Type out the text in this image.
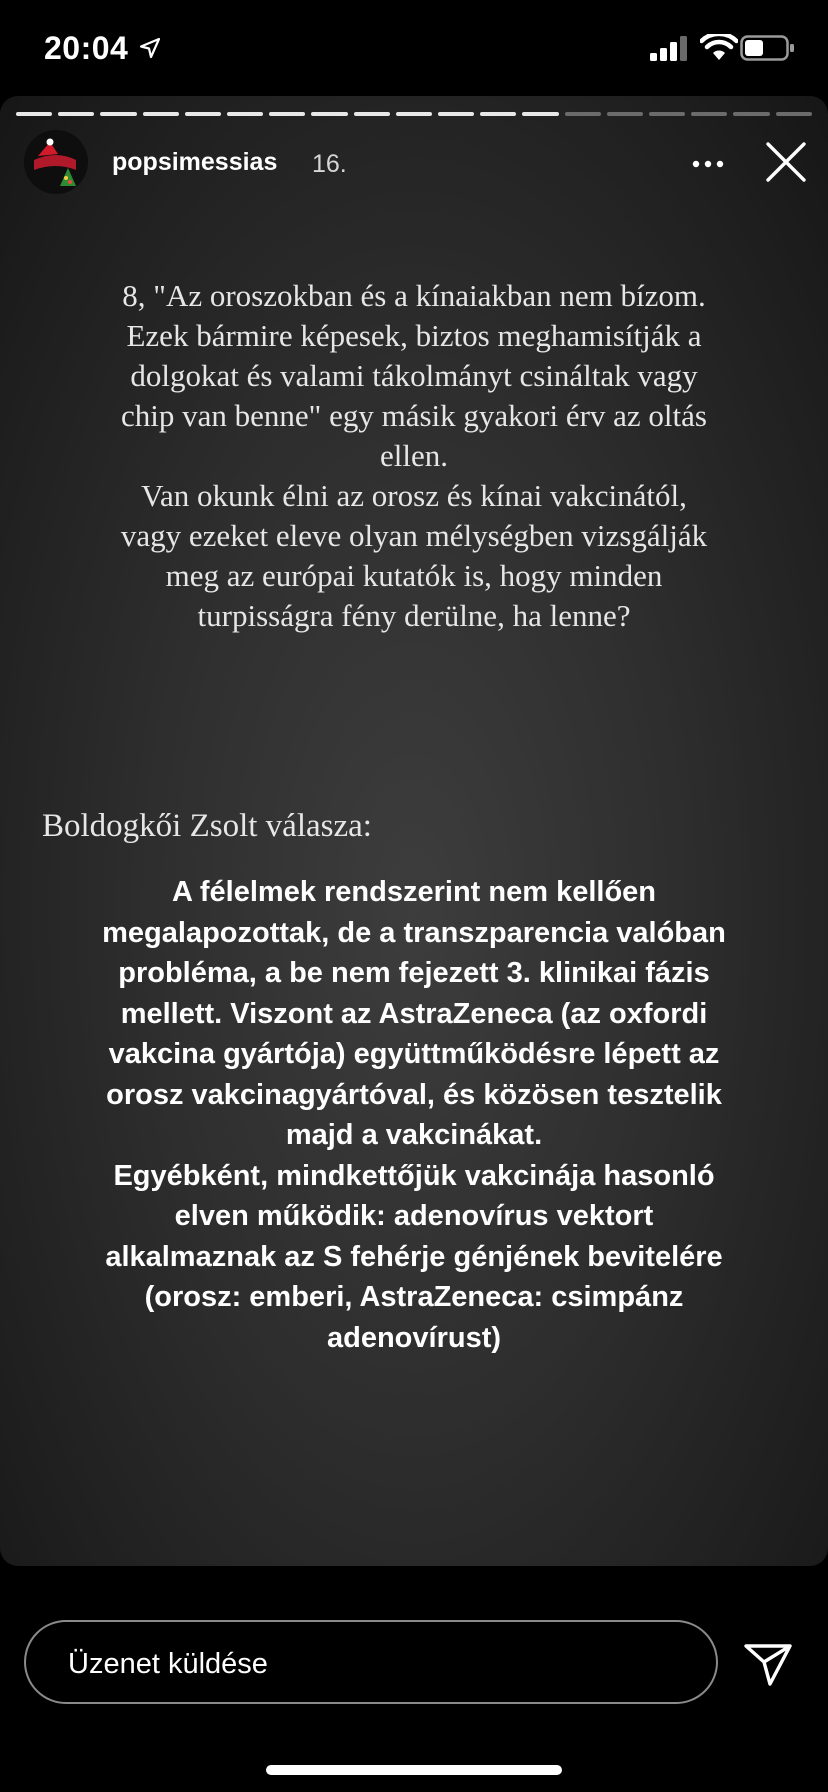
20:04
popsimessias 16.
8, "Az oroszokban és a kínaiakban nem bízom.
Ezek bármire képesek, biztos meghamisítják a
dolgokat és valami tákolmányt csináltak vagy
chip van benne" egy másik gyakori érv az oltás
ellen.
Van okunk élni az orosz és kínai vakcinától,
vagy ezeket eleve olyan mélységben vizsgálják
meg az európai kutatók is, hogy minden
turpisságra fény derülne, ha lenne?
Boldogkői Zsolt válasza:
A félelmek rendszerint nem kellően
megalapozottak, de a transzparencia valóban
probléma, a be nem fejezett 3. klinikai fázis
mellett. Viszont az AstraZeneca (az oxfordi
vakcina gyártója) együttműködésre lépett az
orosz vakcinagyártóval, és közösen tesztelik
majd a vakcinákat.
Egyébként, mindkettőjük vakcinája hasonló
elven működik: adenovírus vektort
alkalmaznak az S fehérje génjének bevitelére
(orosz: emberi, AstraZeneca: csimpánz
adenovírust)
Üzenet küldése
